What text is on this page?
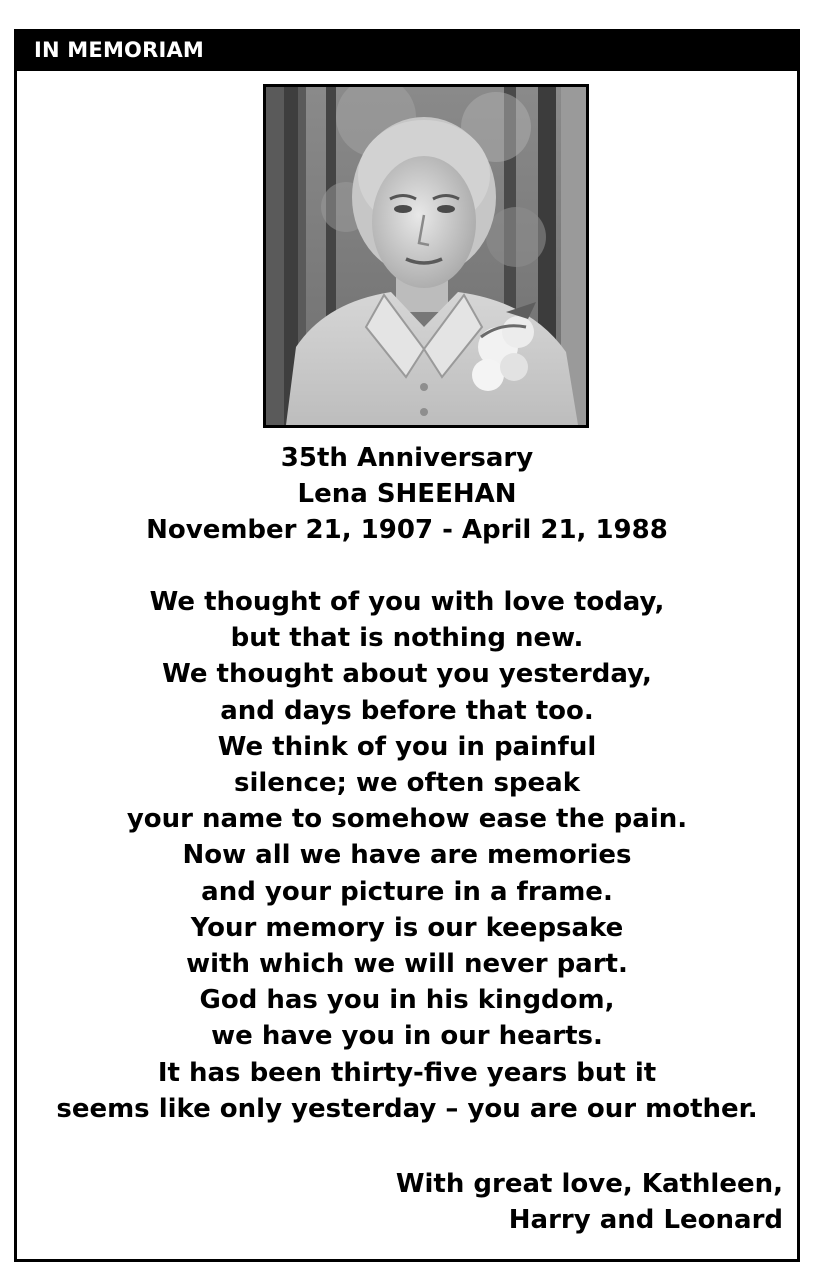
IN MEMORIAM
35th Anniversary
Lena SHEEHAN
November 21, 1907 - April 21, 1988
We thought of you with love today,
but that is nothing new.
We thought about you yesterday,
and days before that too.
We think of you in painful
silence; we often speak
your name to somehow ease the pain.
Now all we have are memories
and your picture in a frame.
Your memory is our keepsake
with which we will never part.
God has you in his kingdom,
we have you in our hearts.
It has been thirty-five years but it
seems like only yesterday – you are our mother.
With great love, Kathleen,
Harry and Leonard
